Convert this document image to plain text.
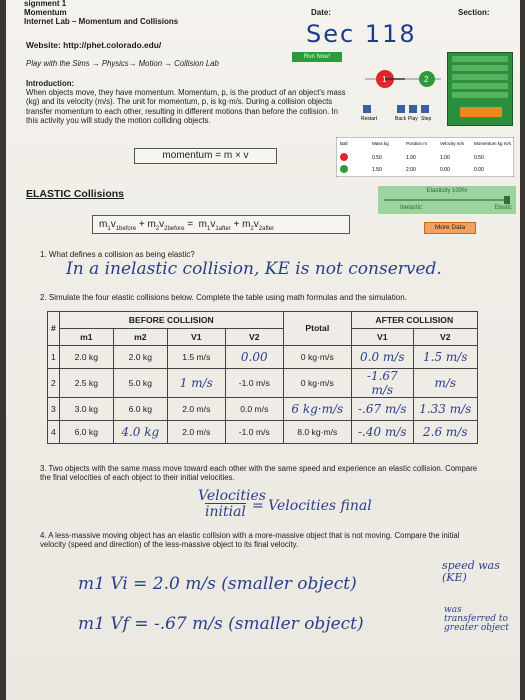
signment 1
Momentum
Internet Lab – Momentum and Collisions
Date:	Section:
Sec 118
Website: http://phet.colorado.edu/
Play with the Sims → Physics→ Motion → Collision Lab
Run Now!
Introduction:
When objects move, they have momentum. Momentum, p, is the product of an object's mass (kg) and its velocity (m/s). The unit for momentum, p, is kg·m/s. During a collision objects transfer momentum to each other, resulting in different motions than before the collision. In this activity you will study the motion colliding objects.
1	2
Restart	Back Play Step
momentum = m × v
Ball	Mass kg	Position m	Velocity m/s Momentum kg m/s
0.50	1.00	1.00	0.50
1.50	2.00	0.00	0.00
ELASTIC Collisions	Elasticity 100%
Inelastic	Elastic
$m_1v_{1before} + m_2v_{2before} = m_1v_{1after} + m_2v_{2after}$	More Data
1. What defines a collision as being elastic?
In a inelastic collision, KE is not conserved.
2. Simulate the four elastic collisions below. Complete the table using math formulas and the simulation.
#	BEFORE COLLISION				Ptotal	AFTER COLLISION	
	m1	m2	V1	V2		V1	V2
1	2.0 kg	2.0 kg	1.5 m/s	0.00	0 kg·m/s	0.0 m/s	1.5 m/s
2	2.5 kg	5.0 kg	1 m/s	-1.0 m/s	0 kg·m/s	-1.67 m/s	m/s
3	3.0 kg	6.0 kg	2.0 m/s	0.0 m/s	6 kg·m/s	-.67 m/s	1.33 m/s
4	6.0 kg	4.0 kg	2.0 m/s	-1.0 m/s	8.0 kg·m/s	-.40 m/s	2.6 m/s
3. Two objects with the same mass move toward each other with the same speed and experience an elastic collision. Compare the final velocities of each object to their initial velocities.
Velocities
initial = Velocities final
4. A less-massive moving object has an elastic collision with a more-massive object that is not moving. Compare the initial velocity (speed and direction) of the less-massive object to its final velocity.
m1 Vi = 2.0 m/s (smaller object)
m1 Vf = -.67 m/s (smaller object)
speed was (KE)
was transferred to greater object
